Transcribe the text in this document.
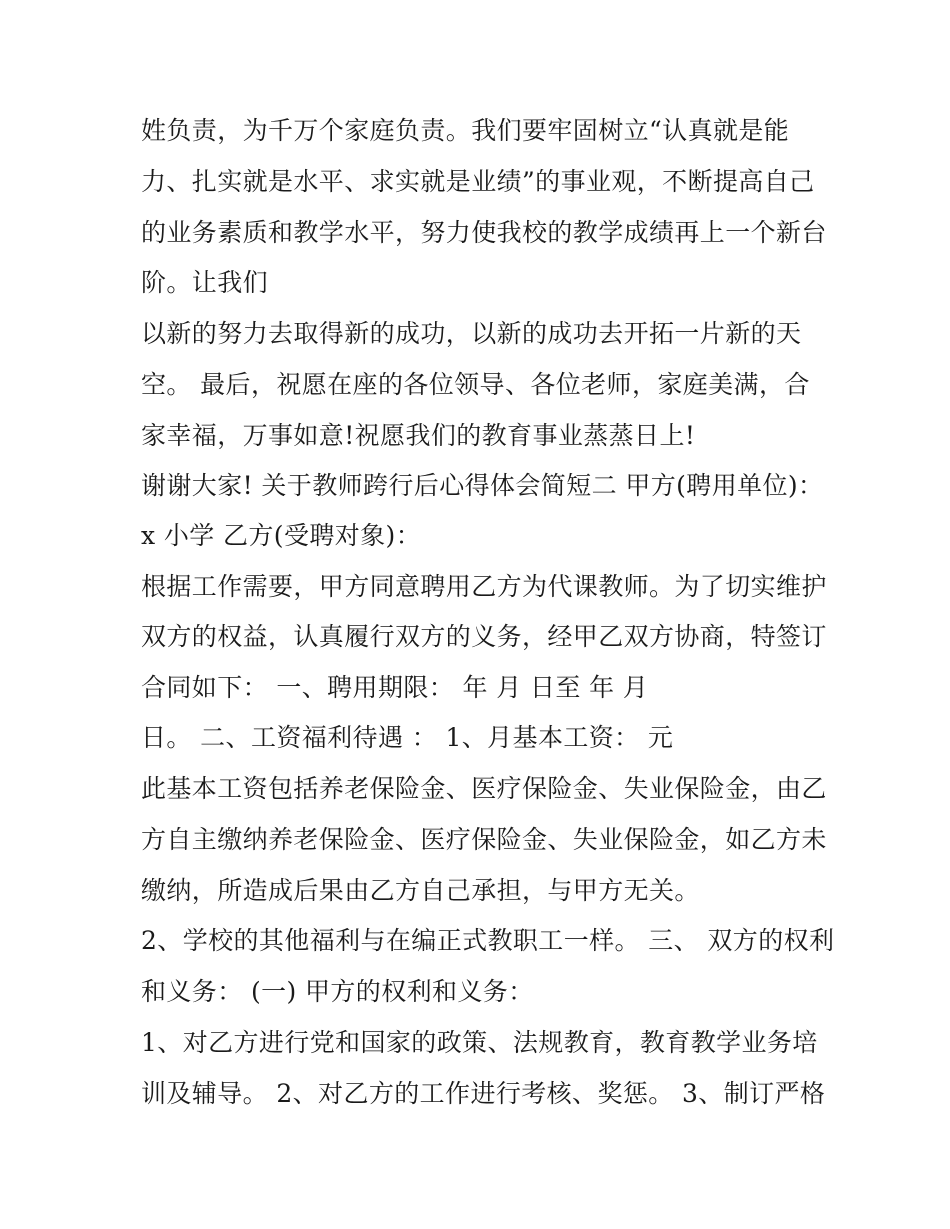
姓负责，为千万个家庭负责。我们要牢固树立“认真就是能
力、扎实就是水平、求实就是业绩”的事业观，不断提高自己
的业务素质和教学水平，努力使我校的教学成绩再上一个新台
阶。让我们
以新的努力去取得新的成功，以新的成功去开拓一片新的天
空。 最后，祝愿在座的各位领导、各位老师，家庭美满，合
家幸福，万事如意!祝愿我们的教育事业蒸蒸日上!
谢谢大家! 关于教师跨行后心得体会简短二 甲方(聘用单位)：
x 小学 乙方(受聘对象)：
根据工作需要，甲方同意聘用乙方为代课教师。为了切实维护
双方的权益，认真履行双方的义务，经甲乙双方协商，特签订
合同如下： 一、聘用期限： 年 月 日至 年 月
日。 二、工资福利待遇 ： 1、月基本工资： 元
此基本工资包括养老保险金、医疗保险金、失业保险金，由乙
方自主缴纳养老保险金、医疗保险金、失业保险金，如乙方未
缴纳，所造成后果由乙方自己承担，与甲方无关。
2、学校的其他福利与在编正式教职工一样。 三、 双方的权利
和义务： (一) 甲方的权利和义务：
1、对乙方进行党和国家的政策、法规教育，教育教学业务培
训及辅导。 2、对乙方的工作进行考核、奖惩。 3、制订严格
